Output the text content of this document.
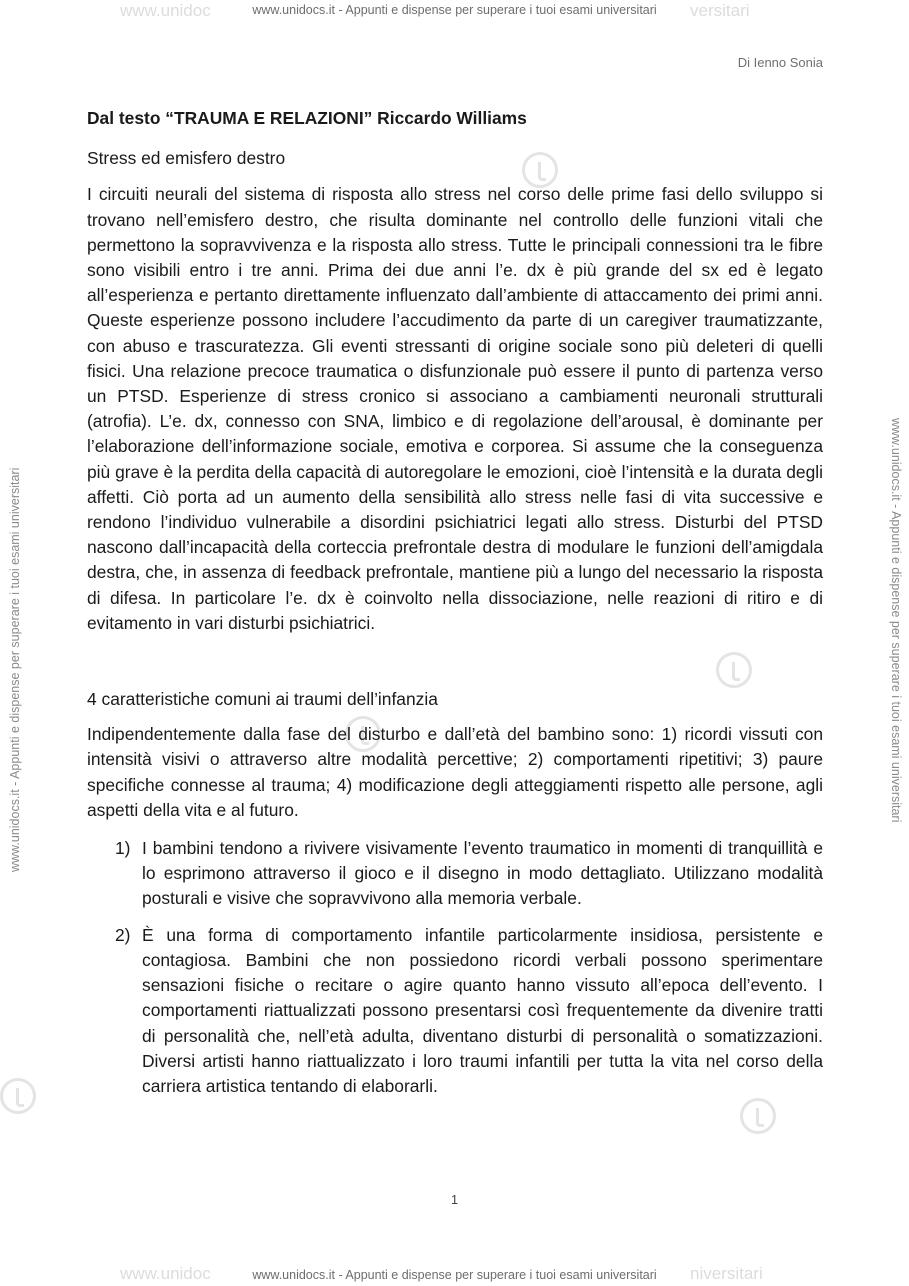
www.unidoc	versitari
www.unidoc	niversitari
www.unidocs.it - Appunti e dispense per superare i tuoi esami universitari
www.unidocs.it - Appunti e dispense per superare i tuoi esami universitari
www.unidocs.it - Appunti e dispense per superare i tuoi esami universitari	www.unidocs.it - Appunti e dispense per superare i tuoi esami universitari
Di Ienno Sonia
Dal testo “TRAUMA E RELAZIONI” Riccardo Williams
Stress ed emisfero destro

I circuiti neurali del sistema di risposta allo stress nel corso delle prime fasi dello sviluppo si trovano nell’emisfero destro, che risulta dominante nel controllo delle funzioni vitali che permettono la sopravvivenza e la risposta allo stress. Tutte le principali connessioni tra le fibre sono visibili entro i tre anni. Prima dei due anni l’e. dx è più grande del sx ed è legato all’esperienza e pertanto direttamente influenzato dall’ambiente di attaccamento dei primi anni. Queste esperienze possono includere l’accudimento da parte di un caregiver traumatizzante, con abuso e trascuratezza. Gli eventi stressanti di origine sociale sono più deleteri di quelli fisici. Una relazione precoce traumatica o disfunzionale può essere il punto di partenza verso un PTSD. Esperienze di stress cronico si associano a cambiamenti neuronali strutturali (atrofia). L’e. dx, connesso con SNA, limbico e di regolazione dell’arousal, è dominante per l’elaborazione dell’informazione sociale, emotiva e corporea. Si assume che la conseguenza più grave è la perdita della capacità di autoregolare le emozioni, cioè l’intensità e la durata degli affetti. Ciò porta ad un aumento della sensibilità allo stress nelle fasi di vita successive e rendono l’individuo vulnerabile a disordini psichiatrici legati allo stress. Disturbi del PTSD nascono dall’incapacità della corteccia prefrontale destra di modulare le funzioni dell’amigdala destra, che, in assenza di feedback prefrontale, mantiene più a lungo del necessario la risposta di difesa. In particolare l’e. dx è coinvolto nella dissociazione, nelle reazioni di ritiro e di evitamento in vari disturbi psichiatrici.

4 caratteristiche comuni ai traumi dell’infanzia

Indipendentemente dalla fase del disturbo e dall’età del bambino sono: 1) ricordi vissuti con intensità visivi o attraverso altre modalità percettive; 2) comportamenti ripetitivi; 3) paure specifiche connesse al trauma; 4) modificazione degli atteggiamenti rispetto alle persone, agli aspetti della vita e al futuro.

1) I bambini tendono a rivivere visivamente l’evento traumatico in momenti di tranquillità e lo esprimono attraverso il gioco e il disegno in modo dettagliato. Utilizzano modalità posturali e visive che sopravvivono alla memoria verbale.
2) È una forma di comportamento infantile particolarmente insidiosa, persistente e contagiosa. Bambini che non possiedono ricordi verbali possono sperimentare sensazioni fisiche o recitare o agire quanto hanno vissuto all’epoca dell’evento. I comportamenti riattualizzati possono presentarsi così frequentemente da divenire tratti di personalità che, nell’età adulta, diventano disturbi di personalità o somatizzazioni. Diversi artisti hanno riattualizzato i loro traumi infantili per tutta la vita nel corso della carriera artistica tentando di elaborarli.
1
